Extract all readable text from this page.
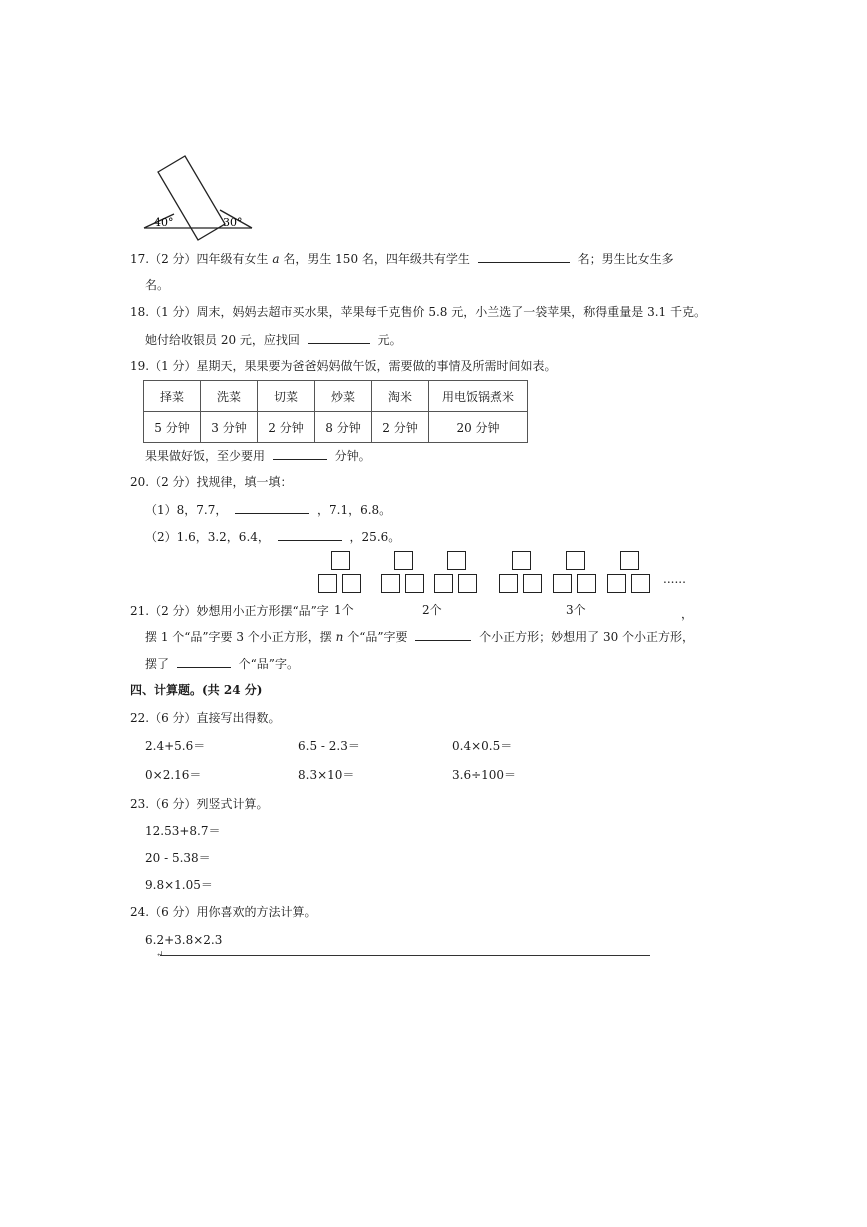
40°	30°
17.（2 分）四年级有女生 a 名，男生 150 名，四年级共有学生	名；男生比女生多
名。
18.（1 分）周末，妈妈去超市买水果，苹果每千克售价 5.8 元，小兰选了一袋苹果，称得重量是 3.1 千克。
她付给收银员 20 元，应找回	元。
19.（1 分）星期天，果果要为爸爸妈妈做午饭，需要做的事情及所需时间如表。
择菜	洗菜	切菜	炒菜	淘米	用电饭锅煮米
5 分钟	3 分钟	2 分钟	8 分钟	2 分钟	20 分钟
果果做好饭，至少要用	分钟。
20.（2 分）找规律，填一填：
（1）8，7.7，	，7.1，6.8。
（2）1.6，3.2，6.4，	，25.6。
......
1个	2个	3个	，
21.（2 分）妙想用小正方形摆“品”字
摆 1 个“品”字要 3 个小正方形，摆 n 个“品”字要	个小正方形；妙想用了 30 个小正方形，
摆了	个“品”字。
四、计算题。(共 24 分)
22.（6 分）直接写出得数。
2.4+5.6＝	6.5 - 2.3＝	0.4×0.5＝
0×2.16＝	8.3×10＝	3.6÷100＝
23.（6 分）列竖式计算。
12.53+8.7＝
20 - 5.38＝
9.8×1.05＝
24.（6 分）用你喜欢的方法计算。
6.2+3.8×2.3
↵
